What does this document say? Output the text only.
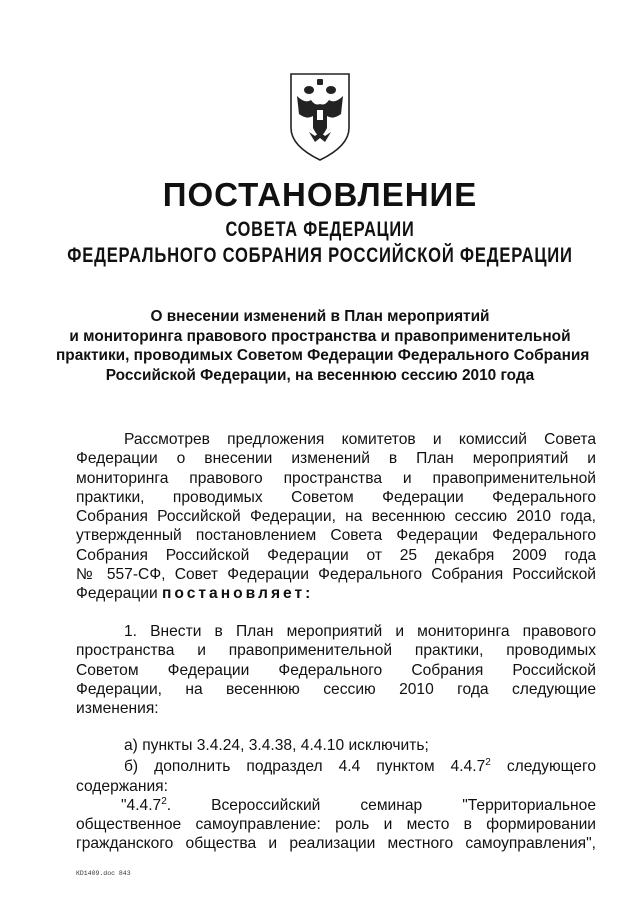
ПОСТАНОВЛЕНИЕ
СОВЕТА ФЕДЕРАЦИИ
ФЕДЕРАЛЬНОГО СОБРАНИЯ РОССИЙСКОЙ ФЕДЕРАЦИИ
О внесении изменений в План мероприятий
и мониторинга правового пространства и правоприменительной
практики, проводимых Советом Федерации Федерального Собрания
Российской Федерации, на весеннюю сессию 2010 года
Рассмотрев предложения комитетов и комиссий Совета
Федерации о внесении изменений в План мероприятий и
мониторинга правового пространства и правоприменительной
практики, проводимых Советом Федерации Федерального
Собрания Российской Федерации, на весеннюю сессию 2010 года,
утвержденный постановлением Совета Федерации Федерального
Собрания Российской Федерации от 25 декабря 2009 года
№ 557-СФ, Совет Федерации Федерального Собрания Российской
Федерации постановляет:
1. Внести в План мероприятий и мониторинга правового
пространства и правоприменительной практики, проводимых
Советом Федерации Федерального Собрания Российской
Федерации, на весеннюю сессию 2010 года следующие
изменения:
а) пункты 3.4.24, 3.4.38, 4.4.10 исключить;
б) дополнить подраздел 4.4 пунктом 4.4.7$^2$ следующего
содержания:
"4.4.7$^2$. Всероссийский семинар "Территориальное
общественное самоуправление: роль и место в формировании
гражданского общества и реализации местного самоуправления",
КD1409.doc 843
